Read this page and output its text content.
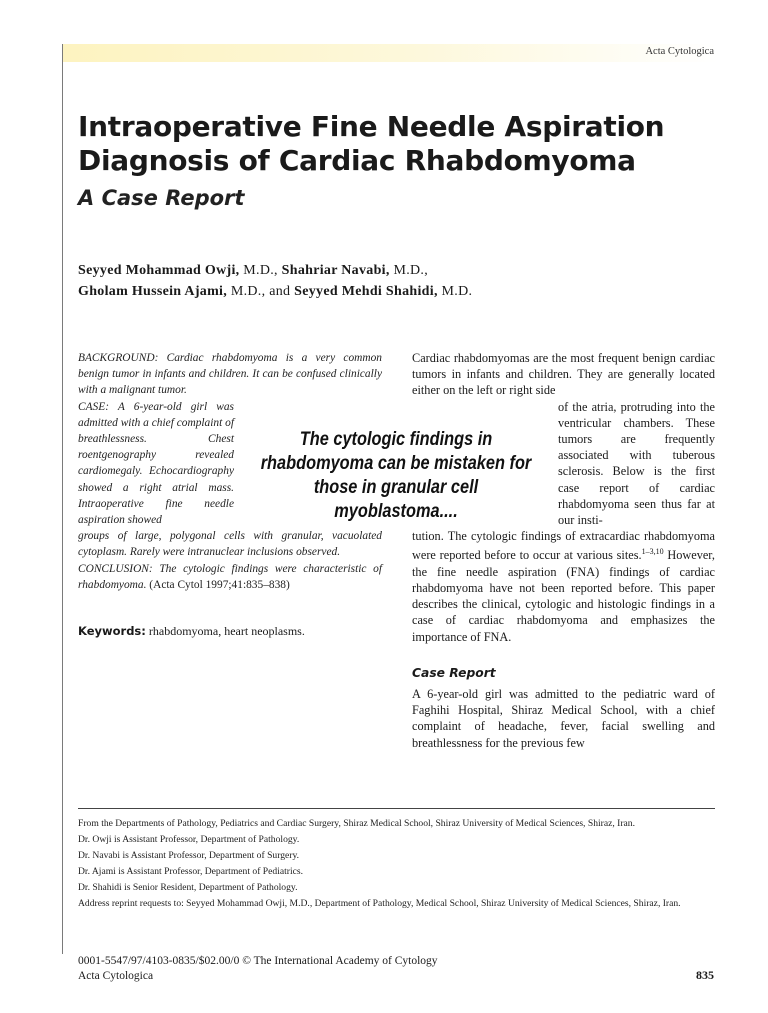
Acta Cytologica
Intraoperative Fine Needle Aspiration
Diagnosis of Cardiac Rhabdomyoma
A Case Report
Seyyed Mohammad Owji, M.D., Shahriar Navabi, M.D.,
Gholam Hussein Ajami, M.D., and Seyyed Mehdi Shahidi, M.D.

BACKGROUND: Cardiac rhabdomyoma is a very common benign tumor in infants and children. It can be confused clinically with a malignant tumor.

CASE: A 6-year-old girl was admitted with a chief complaint of breathlessness. Chest roentgenography revealed cardiomegaly. Echocardiography showed a right atrial mass. Intraoperative fine needle aspiration showed

groups of large, polygonal cells with granular, vacuolated cytoplasm. Rarely were intranuclear inclusions observed.

CONCLUSION: The cytologic findings were characteristic of rhabdomyoma. (Acta Cytol 1997;41:835–838)

Keywords: rhabdomyoma, heart neoplasms.
The cytologic findings in rhabdomyoma can be mistaken for those in granular cell myoblastoma....

Cardiac rhabdomyomas are the most frequent benign cardiac tumors in infants and children. They are generally located either on the left or right side

of the atria, protruding into the ventricular chambers. These tumors are frequently associated with tuberous sclerosis. Below is the first case report of cardiac rhabdomyoma seen thus far at our insti-

tution. The cytologic findings of extracardiac rhabdomyoma were reported before to occur at various sites.$^{1-3,10}$ However, the fine needle aspiration (FNA) findings of cardiac rhabdomyoma have not been reported before. This paper describes the clinical, cytologic and histologic findings in a case of cardiac rhabdomyoma and emphasizes the importance of FNA.

Case Report
A 6-year-old girl was admitted to the pediatric ward of Faghihi Hospital, Shiraz Medical School, with a chief complaint of headache, fever, facial swelling and breathlessness for the previous few

From the Departments of Pathology, Pediatrics and Cardiac Surgery, Shiraz Medical School, Shiraz University of Medical Sciences, Shiraz, Iran.

Dr. Owji is Assistant Professor, Department of Pathology.

Dr. Navabi is Assistant Professor, Department of Surgery.

Dr. Ajami is Assistant Professor, Department of Pediatrics.

Dr. Shahidi is Senior Resident, Department of Pathology.

Address reprint requests to: Seyyed Mohammad Owji, M.D., Department of Pathology, Medical School, Shiraz University of Medical Sciences, Shiraz, Iran.

0001-5547/97/4103-0835/$02.00/0 © The International Academy of Cytology
Acta Cytologica	835
